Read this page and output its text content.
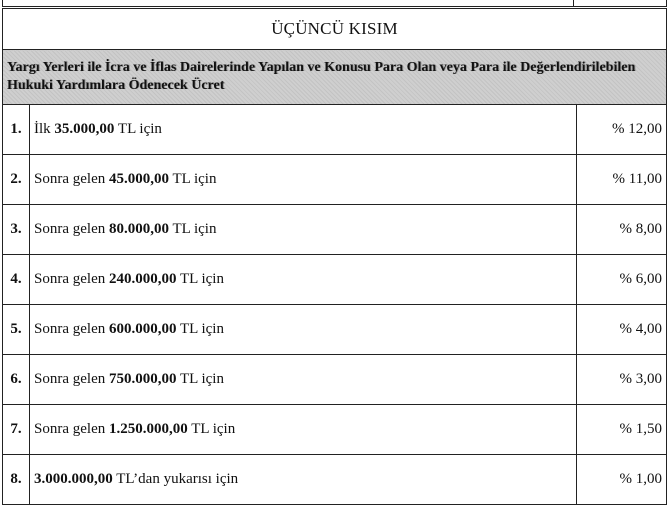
ÜÇÜNCÜ KISIM		
Yargı Yerleri ile İcra ve İflas Dairelerinde Yapılan ve Konusu Para Olan veya Para ile Değerlendirilebilen Hukuki Yardımlara Ödenecek Ücret		
1.	İlk 35.000,00 TL için	% 12,00
2.	Sonra gelen 45.000,00 TL için	% 11,00
3.	Sonra gelen 80.000,00 TL için	% 8,00
4.	Sonra gelen 240.000,00 TL için	% 6,00
5.	Sonra gelen 600.000,00 TL için	% 4,00
6.	Sonra gelen 750.000,00 TL için	% 3,00
7.	Sonra gelen 1.250.000,00 TL için	% 1,50
8.	3.000.000,00 TL’dan yukarısı için	% 1,00
